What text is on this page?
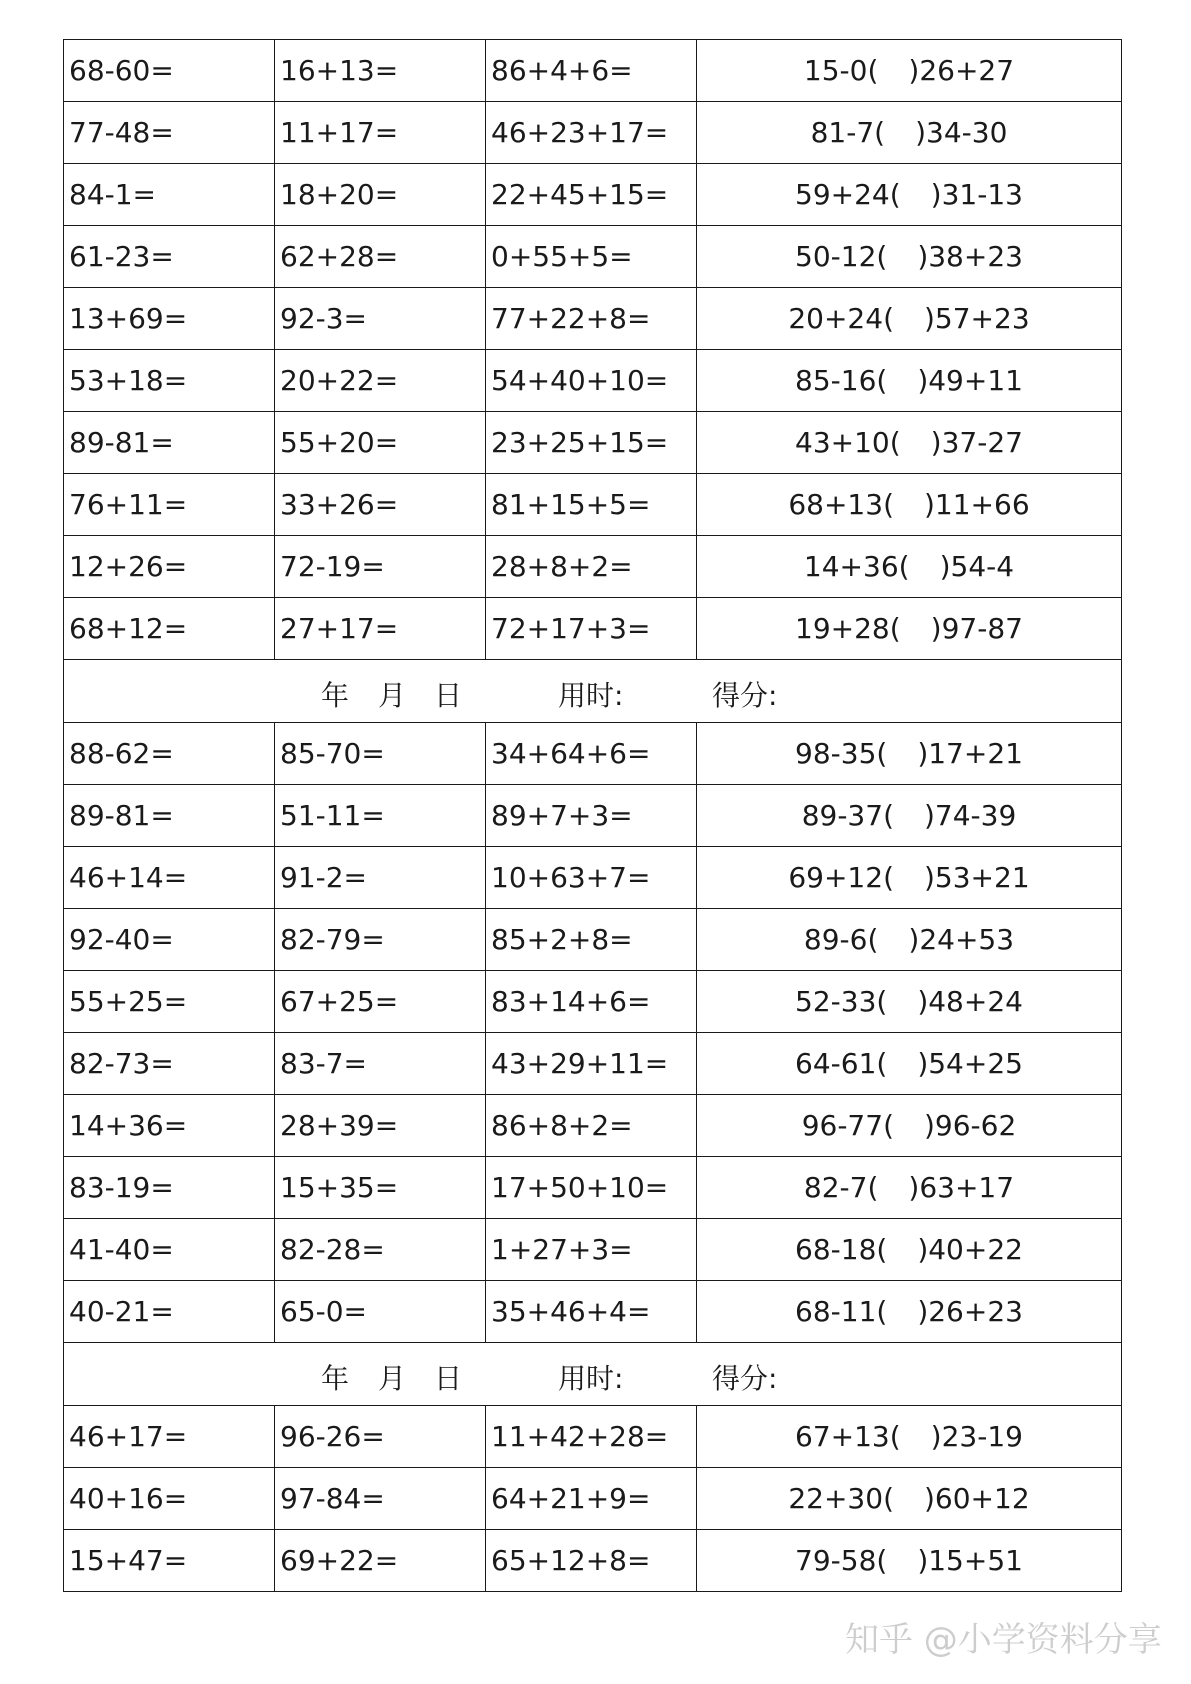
68-60=	16+13=	86+4+6=	15-0( )26+27
77-48=	11+17=	46+23+17=	81-7( )34-30
84-1=	18+20=	22+45+15=	59+24( )31-13
61-23=	62+28=	0+55+5=	50-12( )38+23
13+69=	92-3=	77+22+8=	20+24( )57+23
53+18=	20+22=	54+40+10=	85-16( )49+11
89-81=	55+20=	23+25+15=	43+10( )37-27
76+11=	33+26=	81+15+5=	68+13( )11+66
12+26=	72-19=	28+8+2=	14+36( )54-4
68+12=	27+17=	72+17+3=	19+28( )97-87

年 月 日 用时: 得分:			

88-62=	85-70=	34+64+6=	98-35( )17+21
89-81=	51-11=	89+7+3=	89-37( )74-39
46+14=	91-2=	10+63+7=	69+12( )53+21
92-40=	82-79=	85+2+8=	89-6( )24+53
55+25=	67+25=	83+14+6=	52-33( )48+24
82-73=	83-7=	43+29+11=	64-61( )54+25
14+36=	28+39=	86+8+2=	96-77( )96-62
83-19=	15+35=	17+50+10=	82-7( )63+17
41-40=	82-28=	1+27+3=	68-18( )40+22
40-21=	65-0=	35+46+4=	68-11( )26+23

年 月 日 用时: 得分:			

46+17=	96-26=	11+42+28=	67+13( )23-19
40+16=	97-84=	64+21+9=	22+30( )60+12
15+47=	69+22=	65+12+8=	79-58( )15+51
知乎 @小学资料分享
